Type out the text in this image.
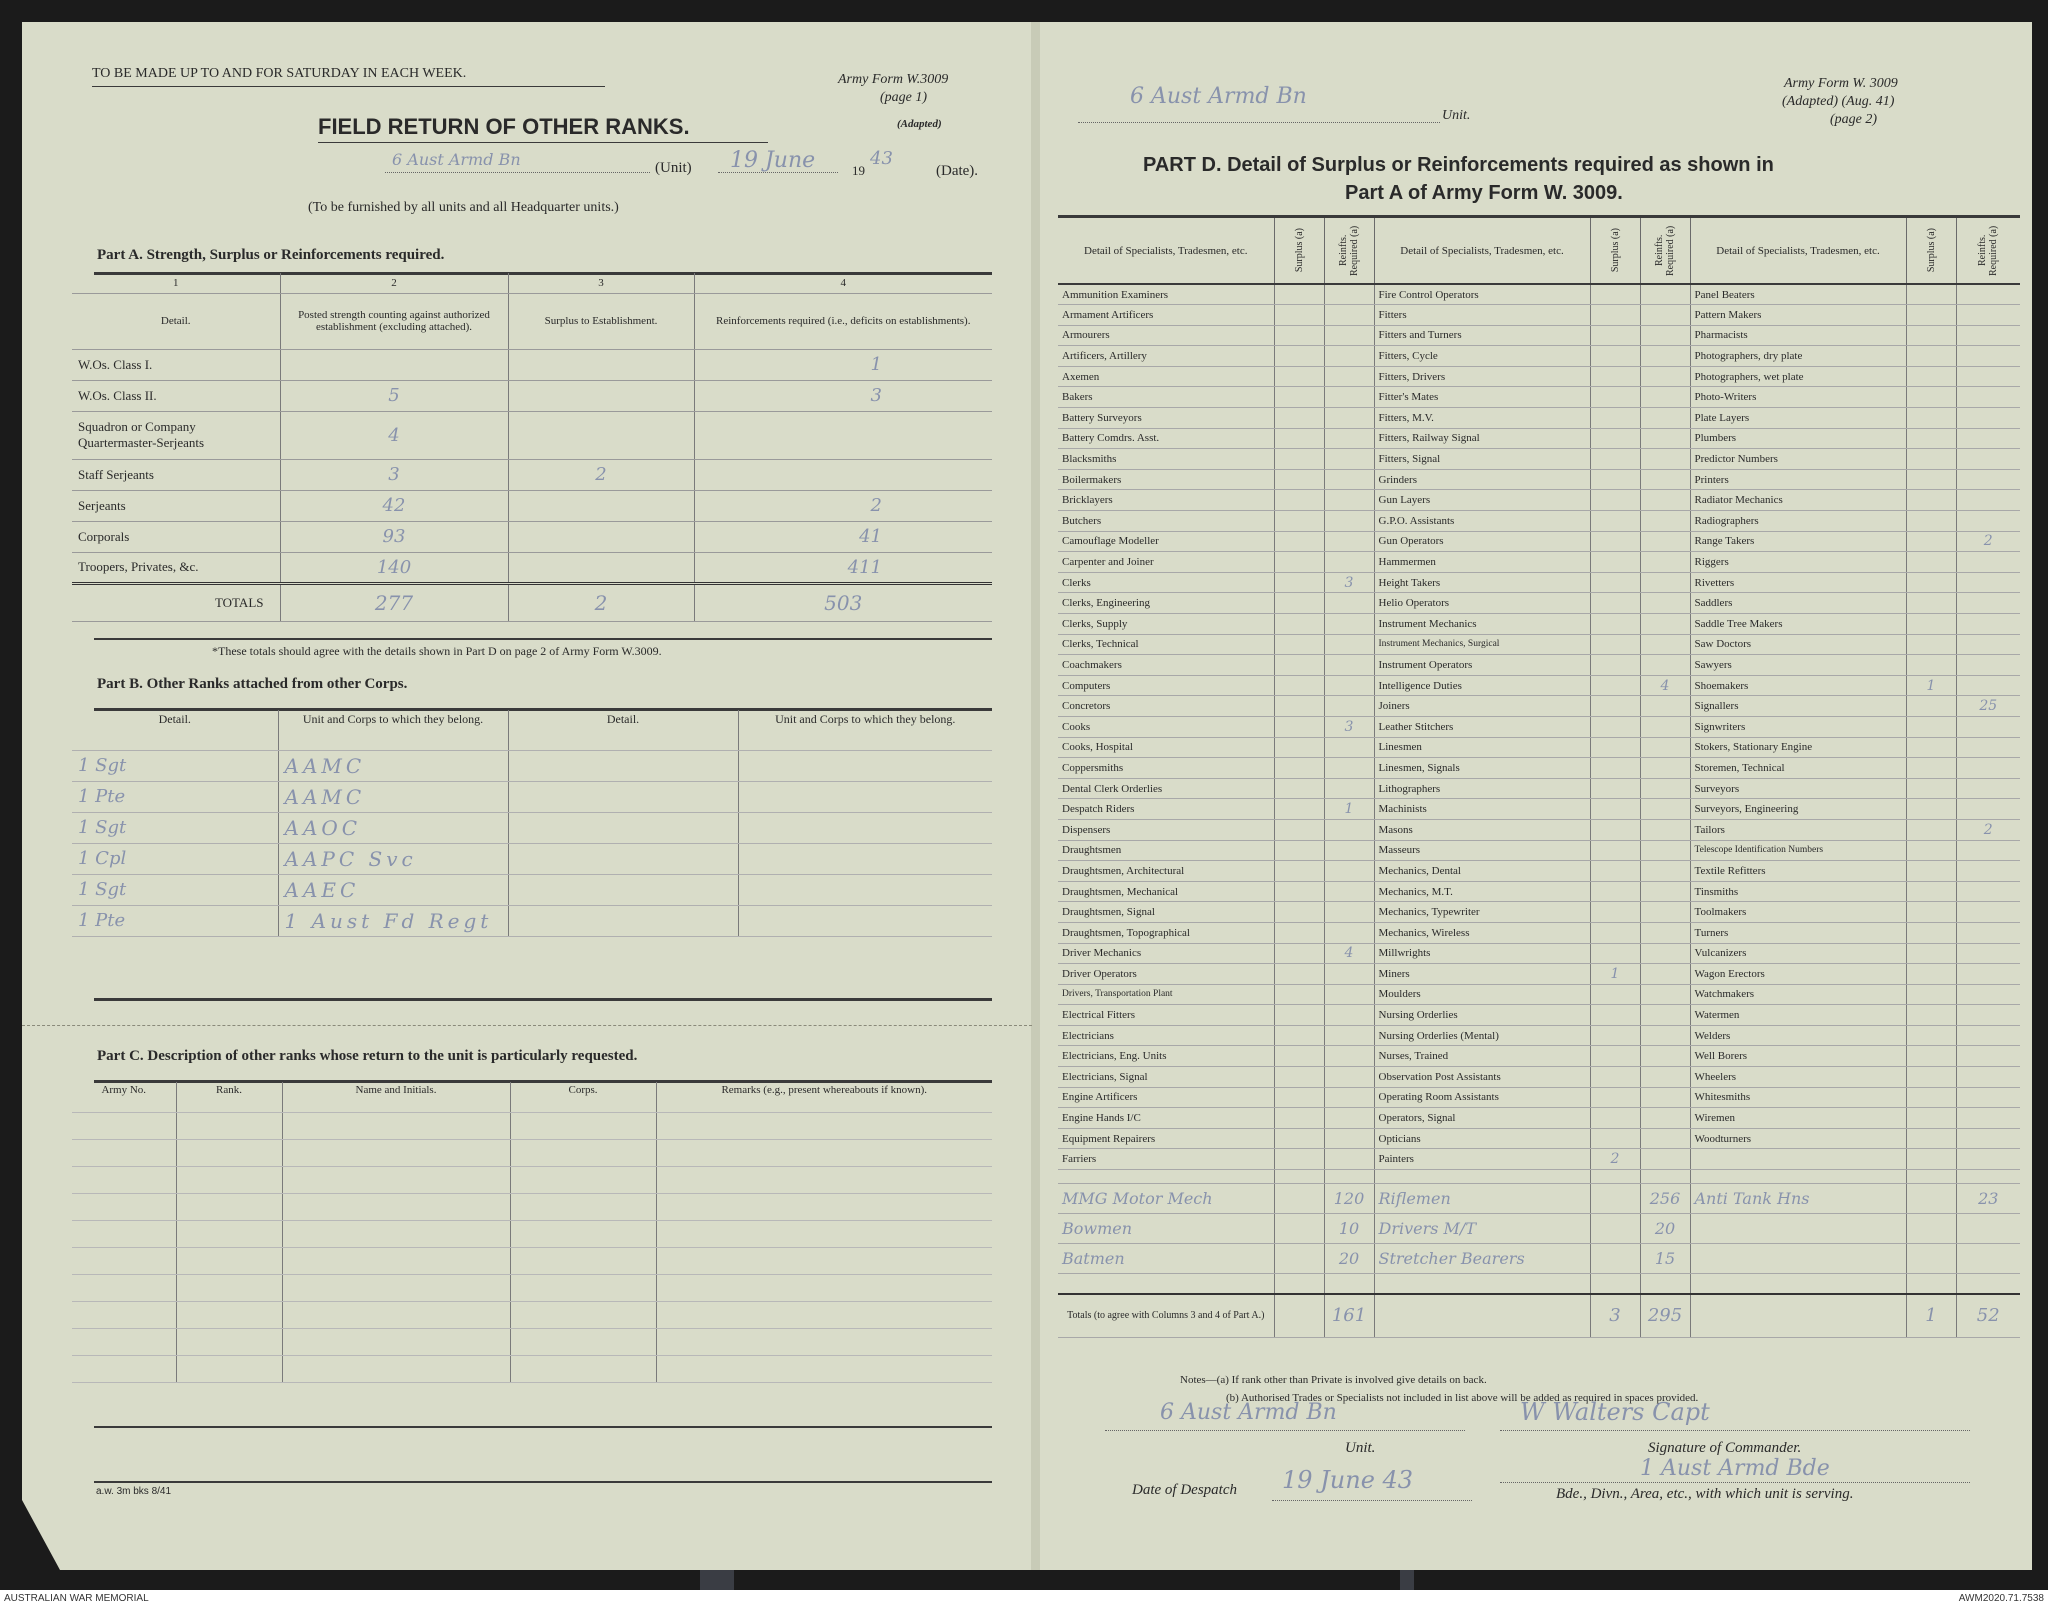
TO BE MADE UP TO AND FOR SATURDAY IN EACH WEEK.	Army Form W.3009
(page 1)
(Adapted)
FIELD RETURN OF OTHER RANKS.
6 Aust Armd Bn	(Unit) 19 June	19
43
(Date).
(To be furnished by all units and all Headquarter units.)
Part A. Strength, Surplus or Reinforcements required.
1	2	3	4
Detail.	Posted strength counting against authorized establishment (excluding attached).	Surplus to Establishment.	Reinforcements required (i.e., deficits on establishments).
W.Os. Class I.			1
W.Os. Class II.	5		3
Squadron or Company Quartermaster-Serjeants	4		
Staff Serjeants	3	2	
Serjeants	42		2
Corporals	93		41
Troopers, Privates, &c.	140		411
TOTALS	277	2	503
*These totals should agree with the details shown in Part D on page 2 of Army Form W.3009.
Part B. Other Ranks attached from other Corps.
Detail.	Unit and Corps to which they belong.	Detail.	Unit and Corps to which they belong.
1 Sgt	AAMC		
1 Pte	AAMC		
1 Sgt	AAOC		
1 Cpl	AAPC Svc		
1 Sgt	AAEC		
1 Pte	1 Aust Fd Regt		
Part C. Description of other ranks whose return to the unit is particularly requested.
Army No.	Rank.	Name and Initials.	Corps.	Remarks (e.g., present whereabouts if known).

a.w. 3m bks 8/41
6 Aust Armd Bn
Unit.
Army Form W. 3009
(Adapted) (Aug. 41)
(page 2)
PART D. Detail of Surplus or Reinforcements required as shown in
Part A of Army Form W. 3009.
Detail of Specialists, Tradesmen, etc.	Surplus (a)	Reinfts. Required (a)	Detail of Specialists, Tradesmen, etc.	Surplus (a)	Reinfts. Required (a)	Detail of Specialists, Tradesmen, etc.	Surplus (a)	Reinfts. Required (a)

Ammunition Examiners			Fire Control Operators			Panel Beaters		
Armament Artificers			Fitters			Pattern Makers		
Armourers			Fitters and Turners			Pharmacists		
Artificers, Artillery			Fitters, Cycle			Photographers, dry plate		
Axemen			Fitters, Drivers			Photographers, wet plate		
Bakers			Fitter's Mates			Photo-Writers		
Battery Surveyors			Fitters, M.V.			Plate Layers		
Battery Comdrs. Asst.			Fitters, Railway Signal			Plumbers		
Blacksmiths			Fitters, Signal			Predictor Numbers		
Boilermakers			Grinders			Printers		
Bricklayers			Gun Layers			Radiator Mechanics		
Butchers			G.P.O. Assistants			Radiographers		
Camouflage Modeller			Gun Operators			Range Takers		2
Carpenter and Joiner			Hammermen			Riggers		
Clerks		3	Height Takers			Rivetters		
Clerks, Engineering			Helio Operators			Saddlers		
Clerks, Supply			Instrument Mechanics			Saddle Tree Makers		
Clerks, Technical			Instrument Mechanics, Surgical			Saw Doctors		
Coachmakers			Instrument Operators			Sawyers		
Computers			Intelligence Duties		4	Shoemakers	1	
Concretors			Joiners			Signallers		25
Cooks		3	Leather Stitchers			Signwriters		
Cooks, Hospital			Linesmen			Stokers, Stationary Engine		
Coppersmiths			Linesmen, Signals			Storemen, Technical		
Dental Clerk Orderlies			Lithographers			Surveyors		
Despatch Riders		1	Machinists			Surveyors, Engineering		
Dispensers			Masons			Tailors		2
Draughtsmen			Masseurs			Telescope Identification Numbers		
Draughtsmen, Architectural			Mechanics, Dental			Textile Refitters		
Draughtsmen, Mechanical			Mechanics, M.T.			Tinsmiths		
Draughtsmen, Signal			Mechanics, Typewriter			Toolmakers		
Draughtsmen, Topographical			Mechanics, Wireless			Turners		
Driver Mechanics		4	Millwrights			Vulcanizers		
Driver Operators			Miners	1		Wagon Erectors		
Drivers, Transportation Plant			Moulders			Watchmakers		
Electrical Fitters			Nursing Orderlies			Watermen		
Electricians			Nursing Orderlies (Mental)			Welders		
Electricians, Eng. Units			Nurses, Trained			Well Borers		
Electricians, Signal			Observation Post Assistants			Wheelers		
Engine Artificers			Operating Room Assistants			Whitesmiths		
Engine Hands I/C			Operators, Signal			Wiremen		
Equipment Repairers			Opticians			Woodturners		
Farriers			Painters	2				

MMG Motor Mech		120	Riflemen		256	Anti Tank Hns		23
Bowmen		10	Drivers M/T		20			
Batmen		20	Stretcher Bearers		15			

Totals (to agree with Columns 3 and 4 of Part A.)		161		3	295		1	52
Notes—(a) If rank other than Private is involved give details on back.
(b) Authorised Trades or Specialists not included in list above will be added as required in spaces provided.
6 Aust Armd Bn
Unit.
W Walters Capt
Signature of Commander.
Date of Despatch 19 June 43	1 Aust Armd Bde
Bde., Divn., Area, etc., with which unit is serving.
AUSTRALIAN WAR MEMORIAL	AWM2020.71.7538
